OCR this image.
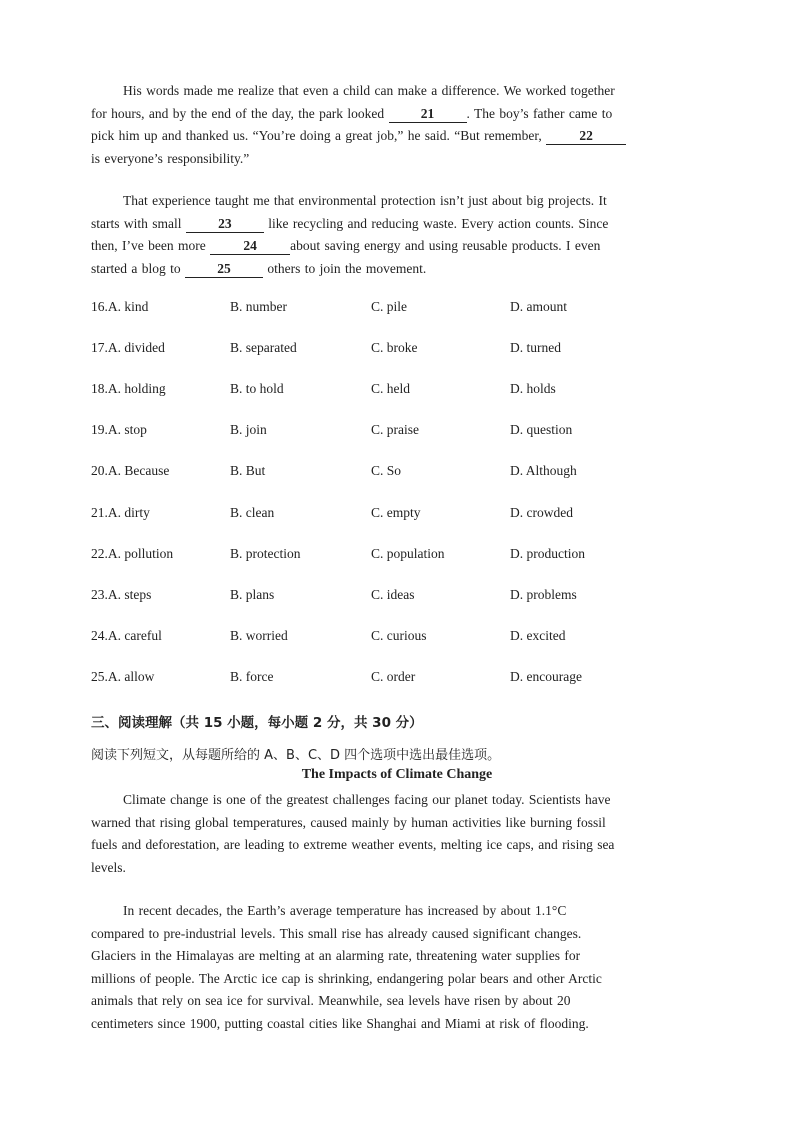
His words made me realize that even a child can make a difference. We worked together
for hours, and by the end of the day, the park looked 21 . The boy’s father came to
pick him up and thanked us. “You’re doing a great job,” he said. “But remember, 22
is everyone’s responsibility.”
That experience taught me that environmental protection isn’t just about big projects. It
starts with small 23 like recycling and reducing waste. Every action counts. Since
then, I’ve been more 24 about saving energy and using reusable products. I even
started a blog to 25 others to join the movement.
16.A. kind	B. number	C. pile	D. amount
17.A. divided	B. separated	C. broke	D. turned
18.A. holding	B. to hold	C. held	D. holds
19.A. stop	B. join	C. praise	D. question
20.A. Because	B. But	C. So	D. Although
21.A. dirty	B. clean	C. empty	D. crowded
22.A. pollution	B. protection	C. population	D. production
23.A. steps	B. plans	C. ideas	D. problems
24.A. careful	B. worried	C. curious	D. excited
25.A. allow	B. force	C. order	D. encourage
三、阅读理解（共 15 小题，每小题 2 分，共 30 分）
阅读下列短文，从每题所给的 A、B、C、D 四个选项中选出最佳选项。
The Impacts of Climate Change
Climate change is one of the greatest challenges facing our planet today. Scientists have
warned that rising global temperatures, caused mainly by human activities like burning fossil
fuels and deforestation, are leading to extreme weather events, melting ice caps, and rising sea
levels.
In recent decades, the Earth’s average temperature has increased by about 1.1°C
compared to pre-industrial levels. This small rise has already caused significant changes.
Glaciers in the Himalayas are melting at an alarming rate, threatening water supplies for
millions of people. The Arctic ice cap is shrinking, endangering polar bears and other Arctic
animals that rely on sea ice for survival. Meanwhile, sea levels have risen by about 20
centimeters since 1900, putting coastal cities like Shanghai and Miami at risk of flooding.
